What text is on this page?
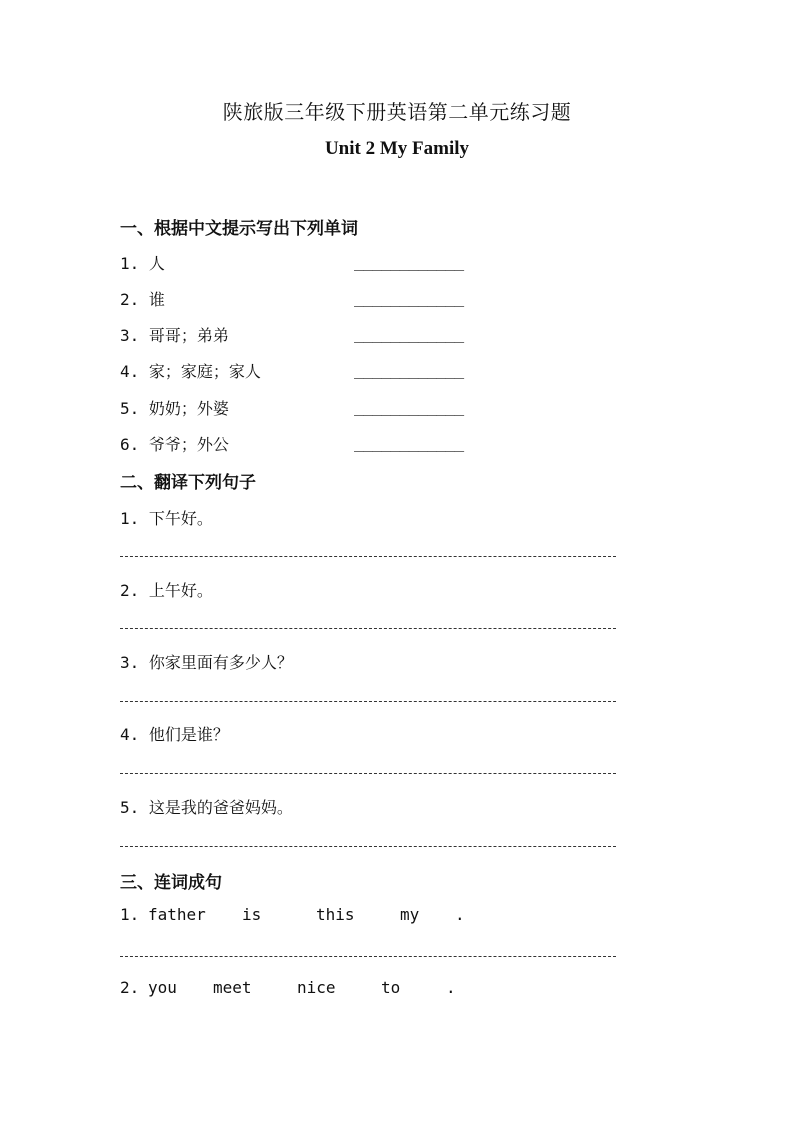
陕旅版三年级下册英语第二单元练习题
Unit 2 My Family
一、根据中文提示写出下列单词
1. 人	____________
2. 谁	____________
3. 哥哥；弟弟	____________
4. 家；家庭；家人	____________
5. 奶奶；外婆	____________
6. 爷爷；外公	____________
二、翻译下列句子
1. 下午好。
2. 上午好。
3. 你家里面有多少人？
4. 他们是谁？
5. 这是我的爸爸妈妈。
三、连词成句
1. father is	this	my .
2. you meet	nice	to	.
